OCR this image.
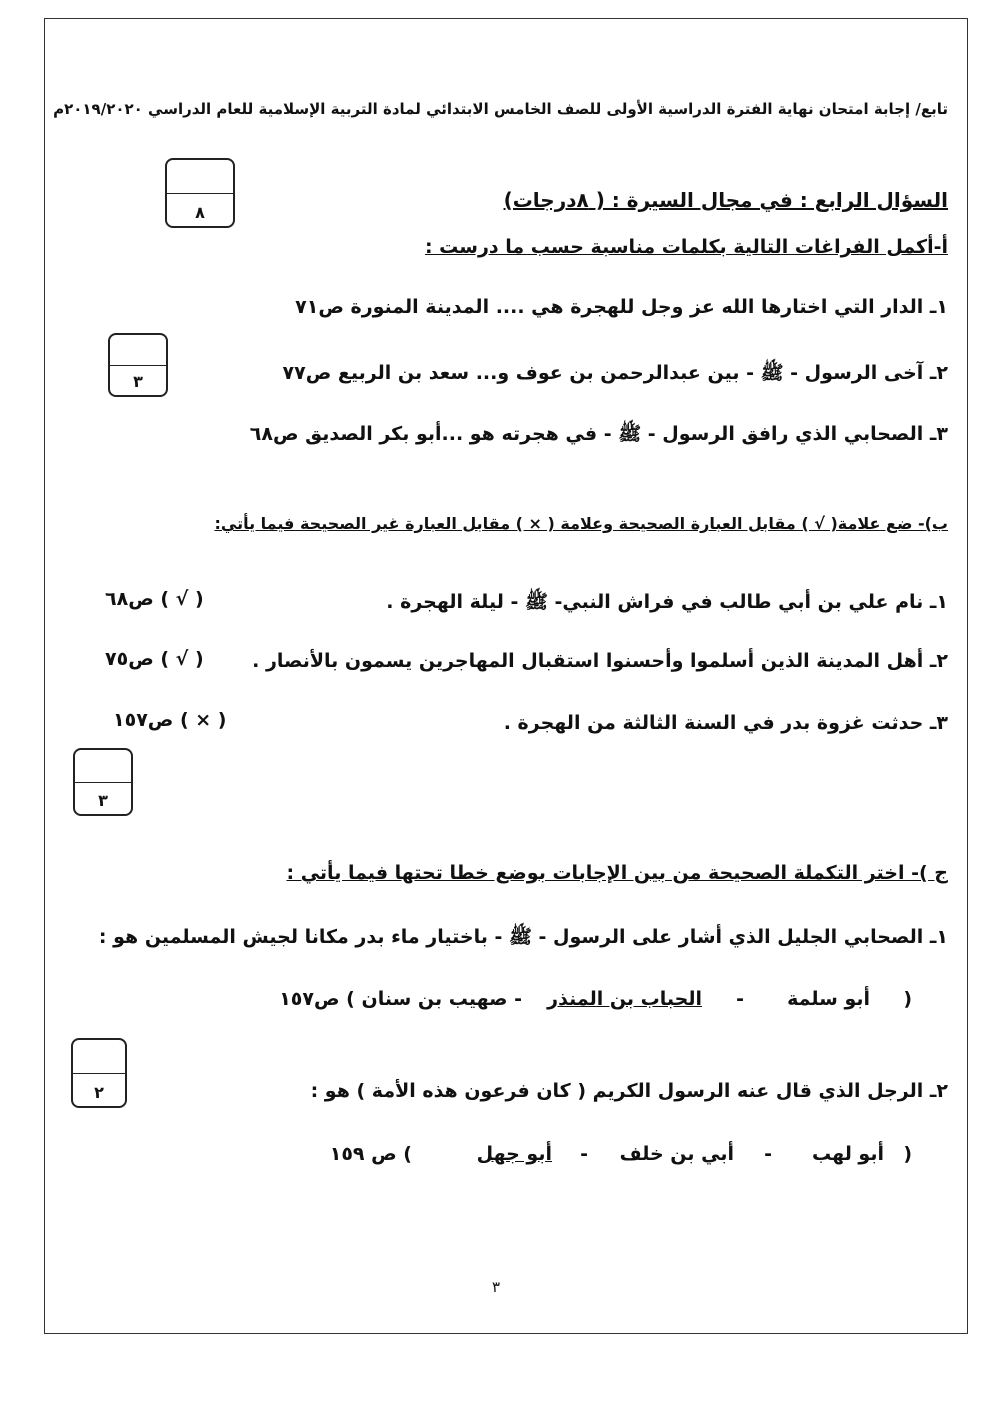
تابع/ إجابة امتحان نهاية الفترة الدراسية الأولى للصف الخامس الابتدائي لمادة التربية الإسلامية للعام الدراسي ٢٠١٩/٢٠٢٠م
٨
السؤال الرابع : في مجال السيرة : ( ٨درجات)
أ-أكمل الفراغات التالية بكلمات مناسبة حسب ما درست :
١ـ الدار التي اختارها الله عز وجل للهجرة هي .... المدينة المنورة ص٧١
٢ـ آخى الرسول - ﷺ - بين عبدالرحمن بن عوف و... سعد بن الربيع ص٧٧
٣ـ الصحابي الذي رافق الرسول - ﷺ - في هجرته هو ...أبو بكر الصديق ص٦٨
٣
ب)- ضع علامة( √ ) مقابل العبارة الصحيحة وعلامة ( × ) مقابل العبارة غير الصحيحة فيما يأتي:
١ـ نام علي بن أبي طالب في فراش النبي- ﷺ - ليلة الهجرة .
( √ ) ص٦٨
٢ـ أهل المدينة الذين أسلموا وأحسنوا استقبال المهاجرين يسمون بالأنصار .
( √ ) ص٧٥
٣ـ حدثت غزوة بدر في السنة الثالثة من الهجرة .
( × ) ص١٥٧
٣
ج )- اختر التكملة الصحيحة من بين الإجابات بوضع خطا تحتها فيما يأتي :
١ـ الصحابي الجليل الذي أشار على الرسول - ﷺ - باختيار ماء بدر مكانا لجيش المسلمين هو :
(
أبو سلمة
-
الحباب بن المنذر
- صهيب بن سنان ) ص١٥٧
٢	٢ـ الرجل الذي قال عنه الرسول الكريم ( كان فرعون هذه الأمة ) هو :
(
أبو لهب
-
أبي بن خلف
-
أبو جهل
) ص ١٥٩
٣
